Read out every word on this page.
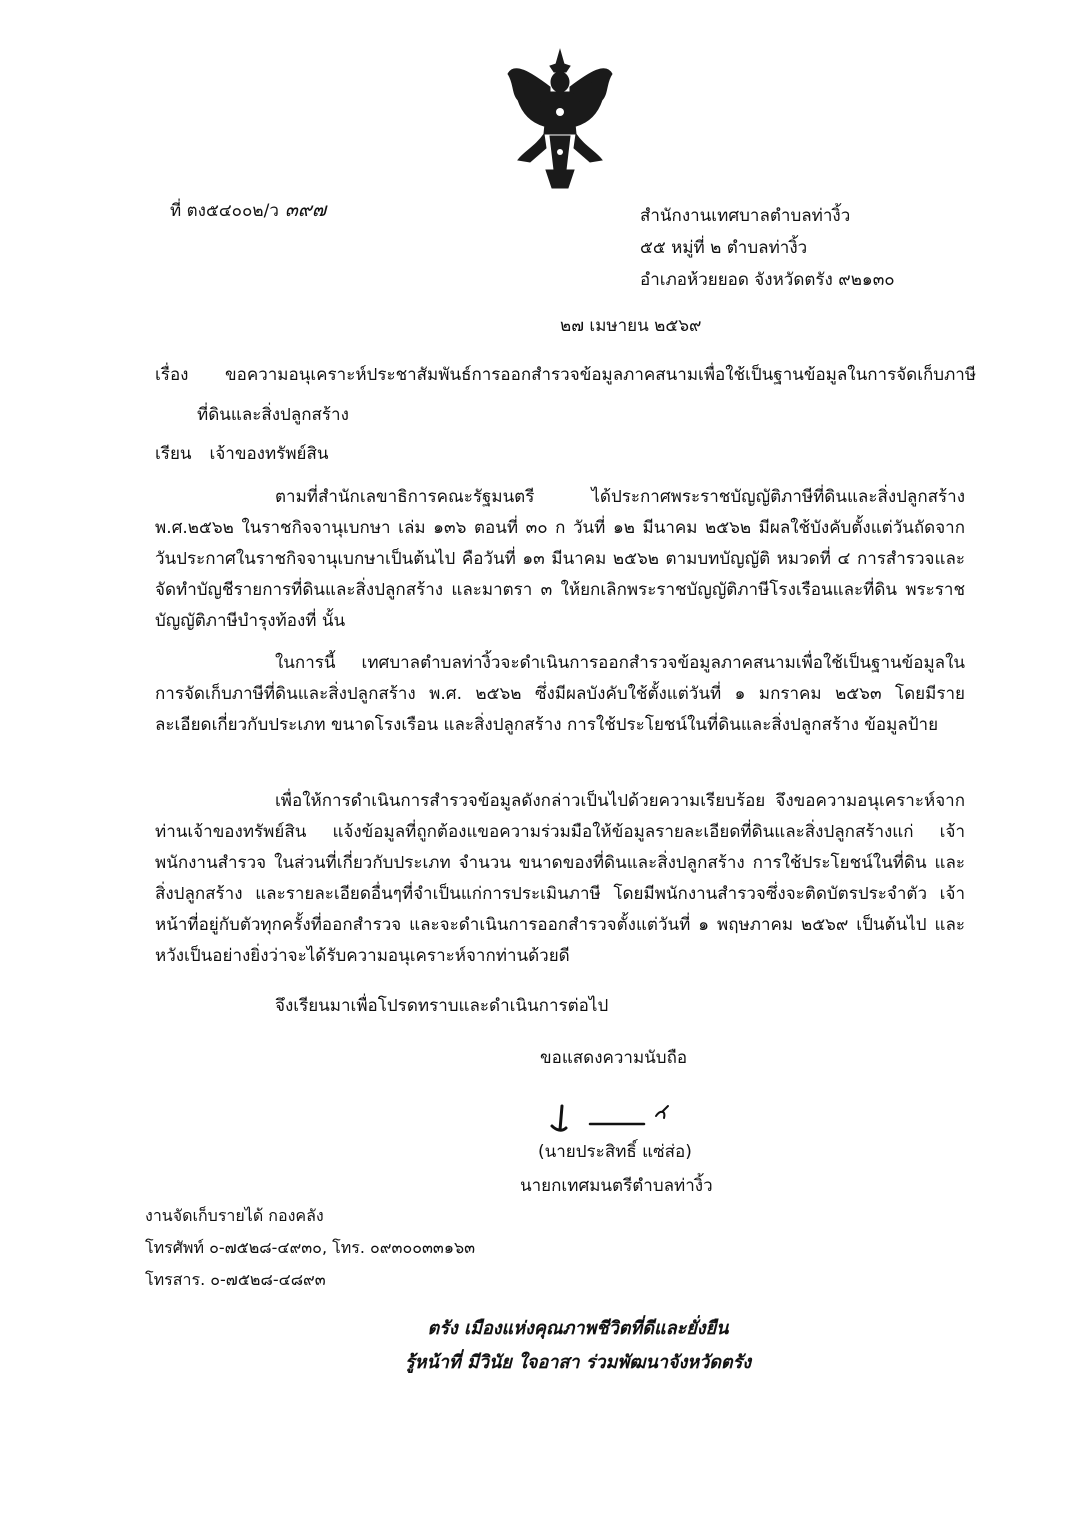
ที่ ตง๕๔๐๐๒/ว ๓๙๗	สำนักงานเทศบาลตำบลท่างิ้ว
๕๕ หมู่ที่ ๒ ตำบลท่างิ้ว
อำเภอห้วยยอด จังหวัดตรัง ๙๒๑๓๐
๒๗ เมษายน ๒๕๖๙
เรื่อง ขอความอนุเคราะห์ประชาสัมพันธ์การออกสำรวจข้อมูลภาคสนามเพื่อใช้เป็นฐานข้อมูลในการจัดเก็บภาษี
ที่ดินและสิ่งปลูกสร้าง
เรียน เจ้าของทรัพย์สิน
ตามที่สำนักเลขาธิการคณะรัฐมนตรี ได้ประกาศพระราชบัญญัติภาษีที่ดินและสิ่งปลูกสร้าง พ.ศ.๒๕๖๒ ในราชกิจจานุเบกษา เล่ม ๑๓๖ ตอนที่ ๓๐ ก วันที่ ๑๒ มีนาคม ๒๕๖๒ มีผลใช้บังคับตั้งแต่วันถัดจาก วันประกาศในราชกิจจานุเบกษาเป็นต้นไป คือวันที่ ๑๓ มีนาคม ๒๕๖๒ ตามบทบัญญัติ หมวดที่ ๔ การสำรวจและ จัดทำบัญชีรายการที่ดินและสิ่งปลูกสร้าง และมาตรา ๓ ให้ยกเลิกพระราชบัญญัติภาษีโรงเรือนและที่ดิน พระราชบัญญัติภาษีบำรุงท้องที่ นั้น
ในการนี้ เทศบาลตำบลท่างิ้วจะดำเนินการออกสำรวจข้อมูลภาคสนามเพื่อใช้เป็นฐานข้อมูลใน การจัดเก็บภาษีที่ดินและสิ่งปลูกสร้าง พ.ศ. ๒๕๖๒ ซึ่งมีผลบังคับใช้ตั้งแต่วันที่ ๑ มกราคม ๒๕๖๓ โดยมีรายละเอียดเกี่ยวกับประเภท ขนาดโรงเรือน และสิ่งปลูกสร้าง การใช้ประโยชน์ในที่ดินและสิ่งปลูกสร้าง ข้อมูลป้าย
เพื่อให้การดำเนินการสำรวจข้อมูลดังกล่าวเป็นไปด้วยความเรียบร้อย จึงขอความอนุเคราะห์จาก ท่านเจ้าของทรัพย์สิน แจ้งข้อมูลที่ถูกต้องแขอความร่วมมือให้ข้อมูลรายละเอียดที่ดินและสิ่งปลูกสร้างแก่ เจ้าพนักงานสำรวจ ในส่วนที่เกี่ยวกับประเภท จำนวน ขนาดของที่ดินและสิ่งปลูกสร้าง การใช้ประโยชน์ในที่ดิน และสิ่งปลูกสร้าง และรายละเอียดอื่นๆที่จำเป็นแก่การประเมินภาษี โดยมีพนักงานสำรวจซึ่งจะติดบัตรประจำตัว เจ้าหน้าที่อยู่กับตัวทุกครั้งที่ออกสำรวจ และจะดำเนินการออกสำรวจตั้งแต่วันที่ ๑ พฤษภาคม ๒๕๖๙ เป็นต้นไป และหวังเป็นอย่างยิ่งว่าจะได้รับความอนุเคราะห์จากท่านด้วยดี
จึงเรียนมาเพื่อโปรดทราบและดำเนินการต่อไป
ขอแสดงความนับถือ
(นายประสิทธิ์ แซ่ส่อ)
นายกเทศมนตรีตำบลท่างิ้ว
งานจัดเก็บรายได้ กองคลัง
โทรศัพท์ ๐-๗๕๒๘-๔๙๓๐, โทร. ๐๙๓๐๐๓๓๑๖๓
โทรสาร. ๐-๗๕๒๘-๔๘๙๓
ตรัง เมืองแห่งคุณภาพชีวิตที่ดีและยั่งยืน
รู้หน้าที่ มีวินัย ใจอาสา ร่วมพัฒนาจังหวัดตรัง
